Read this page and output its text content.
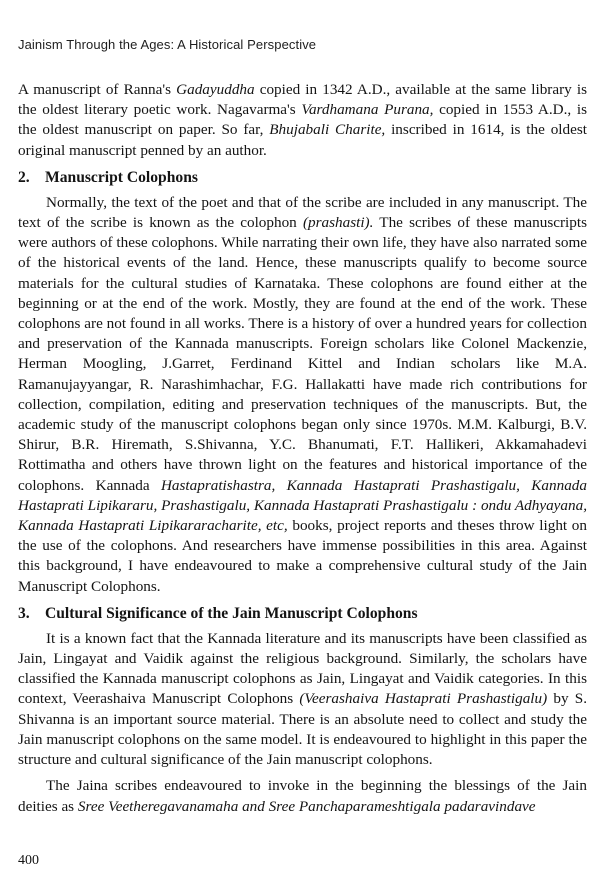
Jainism Through the Ages: A Historical Perspective

A manuscript of Ranna's Gadayuddha copied in 1342 A.D., available at the same library is the oldest literary poetic work. Nagavarma's Vardhamana Purana, copied in 1553 A.D., is the oldest manuscript on paper. So far, Bhujabali Charite, inscribed in 1614, is the oldest original manuscript penned by an author.

2. Manuscript Colophons

Normally, the text of the poet and that of the scribe are included in any manuscript. The text of the scribe is known as the colophon (prashasti). The scribes of these manuscripts were authors of these colophons. While narrating their own life, they have also narrated some of the historical events of the land. Hence, these manuscripts qualify to become source materials for the cultural studies of Karnataka. These colophons are found either at the beginning or at the end of the work. Mostly, they are found at the end of the work. These colophons are not found in all works. There is a history of over a hundred years for collection and preservation of the Kannada manuscripts. Foreign scholars like Colonel Mackenzie, Herman Moogling, J.Garret, Ferdinand Kittel and Indian scholars like M.A. Ramanujayyangar, R. Narashimhachar, F.G. Hallakatti have made rich contributions for collection, compilation, editing and preservation techniques of the manuscripts. But, the academic study of the manuscript colophons began only since 1970s. M.M. Kalburgi, B.V. Shirur, B.R. Hiremath, S.Shivanna, Y.C. Bhanumati, F.T. Hallikeri, Akkamahadevi Rottimatha and others have thrown light on the features and historical importance of the colophons. Kannada Hastapratishastra, Kannada Hastaprati Prashastigalu, Kannada Hastaprati Lipikararu, Prashastigalu, Kannada Hastaprati Prashastigalu : ondu Adhyayana, Kannada Hastaprati Lipikararacharite, etc, books, project reports and theses throw light on the use of the colophons. And researchers have immense possibilities in this area. Against this background, I have endeavoured to make a comprehensive cultural study of the Jain Manuscript Colophons.

3. Cultural Significance of the Jain Manuscript Colophons

It is a known fact that the Kannada literature and its manuscripts have been classified as Jain, Lingayat and Vaidik against the religious background. Similarly, the scholars have classified the Kannada manuscript colophons as Jain, Lingayat and Vaidik categories. In this context, Veerashaiva Manuscript Colophons (Veerashaiva Hastaprati Prashastigalu) by S. Shivanna is an important source material. There is an absolute need to collect and study the Jain manuscript colophons on the same model. It is endeavoured to highlight in this paper the structure and cultural significance of the Jain manuscript colophons.

The Jaina scribes endeavoured to invoke in the beginning the blessings of the Jain deities as Sree Veetheregavanamaha and Sree Panchaparameshtigala padaravindave

400
